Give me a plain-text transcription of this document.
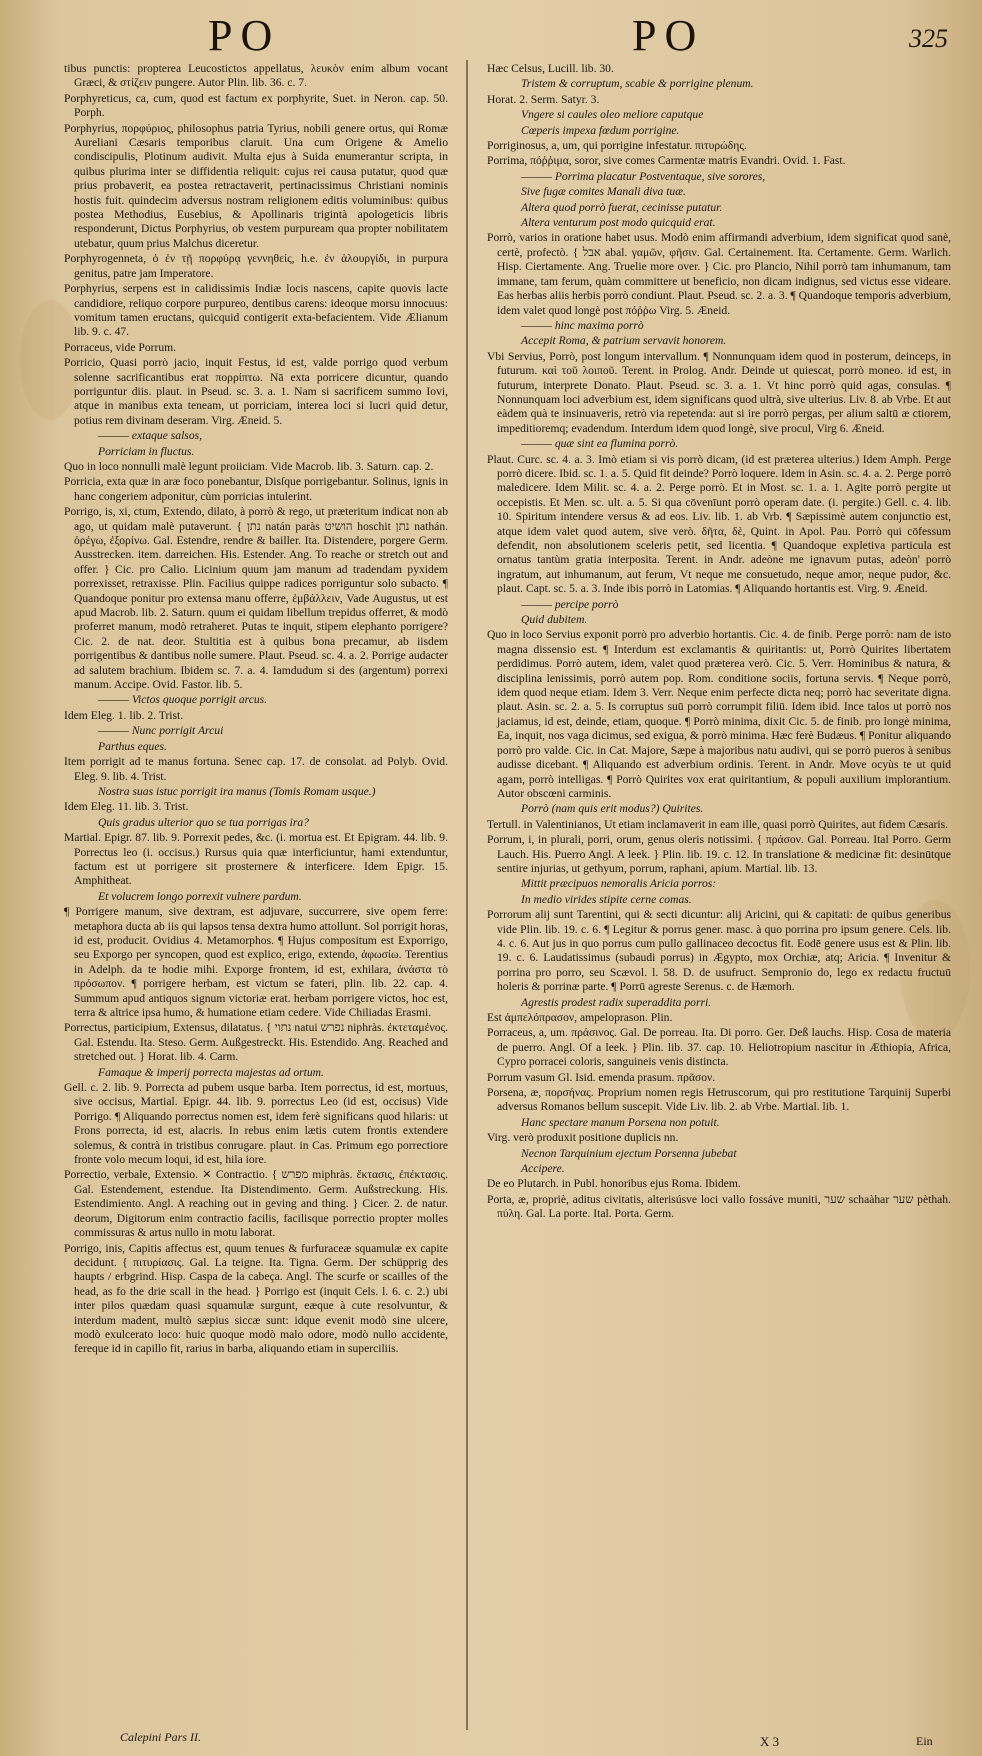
PO	PO	325

tibus punctis: propterea Leucostictos appellatus, λευκὸν enim album vocant Græci, & στίζειν pungere. Autor Plin. lib. 36. c. 7.

Porphyreticus, ca, cum, quod est factum ex porphyrite, Suet. in Neron. cap. 50. Porph.

Porphyrius, πορφύριος, philosophus patria Tyrius, nobili genere ortus, qui Romæ Aureliani Cæsaris temporibus claruit. Una cum Origene & Amelio condiscipulis, Plotinum audivit. Multa ejus à Suida enumerantur scripta, in quibus plurima inter se diffidentia reliquit: cujus rei causa putatur, quod quæ prius probaverit, ea postea retractaverit, pertinacissimus Christiani nominis hostis fuit. quindecim adversus nostram religionem editis voluminibus: quibus postea Methodius, Eusebius, & Apollinaris trigintà apologeticis libris responderunt, Dictus Porphyrius, ob vestem purpuream qua propter nobilitatem utebatur, quum prius Malchus diceretur.

Porphyrogenneta, ὁ ἐν τῇ πορφύρᾳ γεννηθείς, h.e. ἐν ἁλουργίδι, in purpura genitus, patre jam Imperatore.

Porphyrius, serpens est in calidissimis Indiæ locis nascens, capite quovis lacte candidiore, reliquo corpore purpureo, dentibus carens: ideoque morsu innocuus: vomitum tamen eructans, quicquid contigerit exta-befacientem. Vide Ælianum lib. 9. c. 47.

Porraceus, vide Porrum.

Porricio, Quasi porrò jacio, inquit Festus, id est, valde porrigo quod verbum solenne sacrificantibus erat πορρίπτω. Nā exta porricere dicuntur, quando porriguntur diis. plaut. in Pseud. sc. 3. a. 1. Nam si sacrificem summo Iovi, atque in manibus exta teneam, ut porriciam, interea loci si lucri quid detur, potius rem divinam deseram. Virg. Æneid. 5.

——— extaque salsos,

Porriciam in fluctus.

Quo in loco nonnulli malè legunt proiiciam. Vide Macrob. lib. 3. Saturn. cap. 2.

Porricia, exta quæ in aræ foco ponebantur, Disſque porrigebantur. Solinus, ignis in hanc congeriem adponitur, cùm porricias intulerint.

Porrigo, is, xi, ctum, Extendo, dilato, à porrò & rego, ut præteritum indicat non ab ago, ut quidam malè putaverunt. { נתן natán paràs הושיט hoschit נתן nathán. ὀρέγω, ἐξορίνω. Gal. Estendre, rendre & bailler. Ita. Distendere, porgere Germ. Ausstrecken. item. darreichen. His. Estender. Ang. To reache or stretch out and offer. } Cic. pro Calio. Licinium quum jam manum ad tradendam pyxidem porrexisset, retraxisse. Plin. Facilius quippe radices porriguntur solo subacto. ¶ Quandoque ponitur pro extensa manu offerre, ἐμβάλλειν, Vade Augustus, ut est apud Macrob. lib. 2. Saturn. quum ei quidam libellum trepidus offerret, & modò proferret manum, modò retraheret. Putas te inquit, stipem elephanto porrigere? Cic. 2. de nat. deor. Stultitia est à quibus bona precamur, ab iisdem porrigentibus & dantibus nolle sumere. Plaut. Pseud. sc. 4. a. 2. Porrige audacter ad salutem brachium. Ibidem sc. 7. a. 4. Iamdudum si des (argentum) porrexi manum. Accipe. Ovid. Fastor. lib. 5.

——— Victos quoque porrigit arcus.

Idem Eleg. 1. lib. 2. Trist.

——— Nunc porrigit Arcui

Parthus eques.

Item porrigit ad te manus fortuna. Senec cap. 17. de consolat. ad Polyb. Ovid. Eleg. 9. lib. 4. Trist.

Nostra suas istuc porrigit ira manus (Tomis Romam usque.)

Idem Eleg. 11. lib. 3. Trist.

Quis gradus ulterior quo se tua porrigas ira?

Martial. Epigr. 87. lib. 9. Porrexit pedes, &c. (i. mortua est. Et Epigram. 44. lib. 9. Porrectus leo (i. occisus.) Rursus quia quæ interficiuntur, hami extenduntur, factum est ut porrigere sit prosternere & interficere. Idem Epigr. 15. Amphitheat.

Et volucrem longo porrexit vulnere pardum.

¶ Porrigere manum, sive dextram, est adjuvare, succurrere, sive opem ferre: metaphora ducta ab iis qui lapsos tensa dextra humo attollunt. Sol porrigit horas, id est, producit. Ovidius 4. Metamorphos. ¶ Hujus compositum est Exporrigo, seu Exporgo per syncopen, quod est explico, erigo, extendo, ἀφωσίω. Terentius in Adelph. da te hodie mihi. Exporge frontem, id est, exhilara, ἀνάστα τὸ πρόσωπον. ¶ porrigere herbam, est victum se fateri, plin. lib. 22. cap. 4. Summum apud antiquos signum victoriæ erat. herbam porrigere victos, hoc est, terra & altrice ipsa humo, & humatione etiam cedere. Vide Chiliadas Erasmi.

Porrectus, participium, Extensus, dilatatus. { נתוי natui נפרש niphràs. ἐκτεταμένος. Gal. Estendu. Ita. Steso. Germ. Außgestreckt. His. Estendido. Ang. Reached and stretched out. } Horat. lib. 4. Carm.

Famaque & imperij porrecta majestas ad ortum.

Gell. c. 2. lib. 9. Porrecta ad pubem usque barba. Item porrectus, id est, mortuus, sive occisus, Martial. Epigr. 44. lib. 9. porrectus Leo (id est, occisus) Vide Porrigo. ¶ Aliquando porrectus nomen est, idem ferè significans quod hilaris: ut Frons porrecta, id est, alacris. In rebus enim lætis cutem frontis extendere solemus, & contrà in tristibus conrugare. plaut. in Cas. Primum ego porrectiore fronte volo mecum loqui, id est, hila iore.

Porrectio, verbale, Extensio. ✕ Contractio. { מפרש miphràs. ἔκτασις, ἐπέκτασις. Gal. Estendement, estendue. Ita Distendimento. Germ. Außstreckung. His. Estendimiento. Angl. A reaching out in geving and thing. } Cicer. 2. de natur. deorum, Digitorum enim contractio facilis, facilisque porrectio propter molles commissuras & artus nullo in motu laborat.

Porrigo, inis, Capitis affectus est, quum tenues & furfuraceæ squamulæ ex capite decidunt. { πιτυρίασις. Gal. La teigne. Ita. Tigna. Germ. Der schüpprig des haupts / erbgrind. Hisp. Caspa de la cabeça. Angl. The scurfe or scailles of the head, as fo the drie scall in the head. } Porrigo est (inquit Cels. l. 6. c. 2.) ubi inter pilos quædam quasi squamulæ surgunt, eæque à cute resolvuntur, & interdum madent, multò sæpius siccæ sunt: idque evenit modò sine ulcere, modò exulcerato loco: huic quoque modò malo odore, modò nullo accidente, fereque id in capillo fit, rarius in barba, aliquando etiam in superciliis.

Hæc Celsus, Lucill. lib. 30.

Tristem & corruptum, scabie & porrigine plenum.

Horat. 2. Serm. Satyr. 3.

Vngere si caules oleo meliore caputque

Cœperis impexa fœdum porrigine.

Porriginosus, a, um, qui porrigine infestatur. πιτυρώδης.

Porrima, πόῤῥιμα, soror, sive comes Carmentæ matris Evandri. Ovid. 1. Fast.

——— Porrima placatur Postventaque, sive sorores,

Sive fugæ comites Manali diva tuæ.

Altera quod porrò fuerat, cecinisse putatur.

Altera venturum post modo quicquid erat.

Porrò, varios in oratione habet usus. Modò enim affirmandi adverbium, idem significat quod sanè, certè, profectò. { אבל abal. γαμῶν, φῆσιν. Gal. Certainement. Ita. Certamente. Germ. Warlich. Hisp. Ciertamente. Ang. Truelie more over. } Cic. pro Plancio, Nihil porrò tam inhumanum, tam immane, tam ferum, quàm committere ut beneficio, non dicam indignus, sed victus esse videare. Eas herbas aliis herbis porrò condiunt. Plaut. Pseud. sc. 2. a. 3. ¶ Quandoque temporis adverbium, idem valet quod longè post πόῤῥω Virg. 5. Æneid.

——— hinc maxima porrò

Accepit Roma, & patrium servavit honorem.

Vbi Servius, Porrò, post longum intervallum. ¶ Nonnunquam idem quod in posterum, deinceps, in futurum. καὶ τοῦ λοιποῦ. Terent. in Prolog. Andr. Deinde ut quiescat, porrò moneo. id est, in futurum, interprete Donato. Plaut. Pseud. sc. 3. a. 1. Vt hinc porrò quid agas, consulas. ¶ Nonnunquam loci adverbium est, idem significans quod ultrà, sive ulterius. Liv. 8. ab Vrbe. Et aut eàdem quà te insinuaveris, retrò via repetenda: aut si ire porrò pergas, per alium saltū æ ctiorem, impeditioremq; evadendum. Interdum idem quod longè, sive procul, Virg 6. Æneid.

——— quæ sint ea flumina porrò.

Plaut. Curc. sc. 4. a. 3. Imò etiam si vis porrò dicam, (id est præterea ulterius.) Idem Amph. Perge porrò dicere. Ibid. sc. 1. a. 5. Quid fit deinde? Porrò loquere. Idem in Asin. sc. 4. a. 2. Perge porrò maledicere. Idem Milit. sc. 4. a. 2. Perge porrò. Et in Most. sc. 1. a. 1. Agite porrò pergite ut occepistis. Et Men. sc. ult. a. 5. Si qua cōvenīunt porrò operam date. (i. pergite.) Gell. c. 4. lib. 10. Spiritum intendere versus & ad eos. Liv. lib. 1. ab Vrb. ¶ Sæpissimè autem conjunctio est, atque idem valet quod autem, sive verò. δῆτα, δὲ, Quint. in Apol. Pau. Porrò qui cōfessum defendit, non absolutionem sceleris petit, sed licentia. ¶ Quandoque expletiva particula est ornatus tantùm gratia interposita. Terent. in Andr. adeòne me ignavum putas, adeòn' porrò ingratum, aut inhumanum, aut ferum, Vt neque me consuetudo, neque amor, neque pudor, &c. plaut. Capt. sc. 5. a. 3. Inde ibis porrò in Latomias. ¶ Aliquando hortantis est. Virg. 9. Æneid.

——— percipe porrò

Quid dubitem.

Quo in loco Servius exponit porrò pro adverbio hortantis. Cic. 4. de finib. Perge porrò: nam de isto magna dissensio est. ¶ Interdum est exclamantis & quiritantis: ut, Porrò Quirites libertatem perdidimus. Porrò autem, idem, valet quod præterea verò. Cic. 5. Verr. Hominibus & natura, & disciplina lenissimis, porrò autem pop. Rom. conditione sociis, fortuna servis. ¶ Neque porrò, idem quod neque etiam. Idem 3. Verr. Neque enim perfecte dicta neq; porrò hac severitate digna. plaut. Asin. sc. 2. a. 5. Is corruptus suū porrò corrumpit filiū. Idem ibid. Ince talos ut porrò nos jaciamus, id est, deinde, etiam, quoque. ¶ Porrò minima, dixit Cic. 5. de finib. pro longè minima, Ea, inquit, nos vaga dicimus, sed exigua, & porrò minima. Hæc ferè Budæus. ¶ Ponitur aliquando porrò pro valde. Cic. in Cat. Majore, Sæpe à majoribus natu audivi, qui se porrò pueros à senibus audisse dicebant. ¶ Aliquando est adverbium ordinis. Terent. in Andr. Move ocyùs te ut quid agam, porrò intelligas. ¶ Porrò Quirites vox erat quiritantium, & populi auxilium implorantium. Autor obscœni carminis.

Porrò (nam quis erit modus?) Quirites.

Tertull. in Valentinianos, Ut etiam inclamaverit in eam ille, quasi porrò Quirites, aut fidem Cæsaris.

Porrum, i, in plurali, porri, orum, genus oleris notissimi. { πράσον. Gal. Porreau. Ital Porro. Germ Lauch. His. Puerro Angl. A leek. } Plin. lib. 19. c. 12. In translatione & medicinæ fit: desinūtque sentire injurias, ut gethyum, porrum, raphani, apium. Martial. lib. 13.

Mittit præcipuos nemoralis Aricia porros:

In medio virides stipite cerne comas.

Porrorum alij sunt Tarentini, qui & secti dicuntur: alij Aricini, qui & capitati: de quibus generibus vide Plin. lib. 19. c. 6. ¶ Legitur & porrus gener. masc. à quo porrina pro ipsum genere. Cels. lib. 4. c. 6. Aut jus in quo porrus cum pullo gallinaceo decoctus fit. Eodē genere usus est & Plin. lib. 19. c. 6. Laudatissimus (subaudi porrus) in Ægypto, mox Orchiæ, atq; Aricia. ¶ Invenitur & porrina pro porro, seu Scævol. l. 58. D. de usufruct. Sempronio do, lego ex redactu fructuū holeris & porrinæ parte. ¶ Porrū agreste Serenus. c. de Hæmorh.

Agrestis prodest radix superaddita porri.

Est ἀμπελόπρασον, ampeloprason. Plin.

Porraceus, a, um. πράσινος. Gal. De porreau. Ita. Di porro. Ger. Deß lauchs. Hisp. Cosa de materia de puerro. Angl. Of a leek. } Plin. lib. 37. cap. 10. Heliotropium nascitur in Æthiopia, Africa, Cypro porracei coloris, sanguineis venis distincta.

Porrum vasum Gl. Isid. emenda prasum. πρᾶσον.

Porsena, æ, πορσήνας. Proprium nomen regis Hetruscorum, qui pro restitutione Tarquinij Superbi adversus Romanos bellum suscepit. Vide Liv. lib. 2. ab Vrbe. Martial. lib. 1.

Hanc spectare manum Porsena non potuit.

Virg. verò produxit positione duplicis nn.

Necnon Tarquinium ejectum Porsenna jubebat

Accipere.

De eo Plutarch. in Publ. honoribus ejus Roma. Ibidem.

Porta, æ, propriè, aditus civitatis, alterisúsve loci vallo fossáve muniti, שער schaàhar שער pèthah. πύλη. Gal. La porte. Ital. Porta. Germ.

Calepini Pars II.	X 3	Ein
